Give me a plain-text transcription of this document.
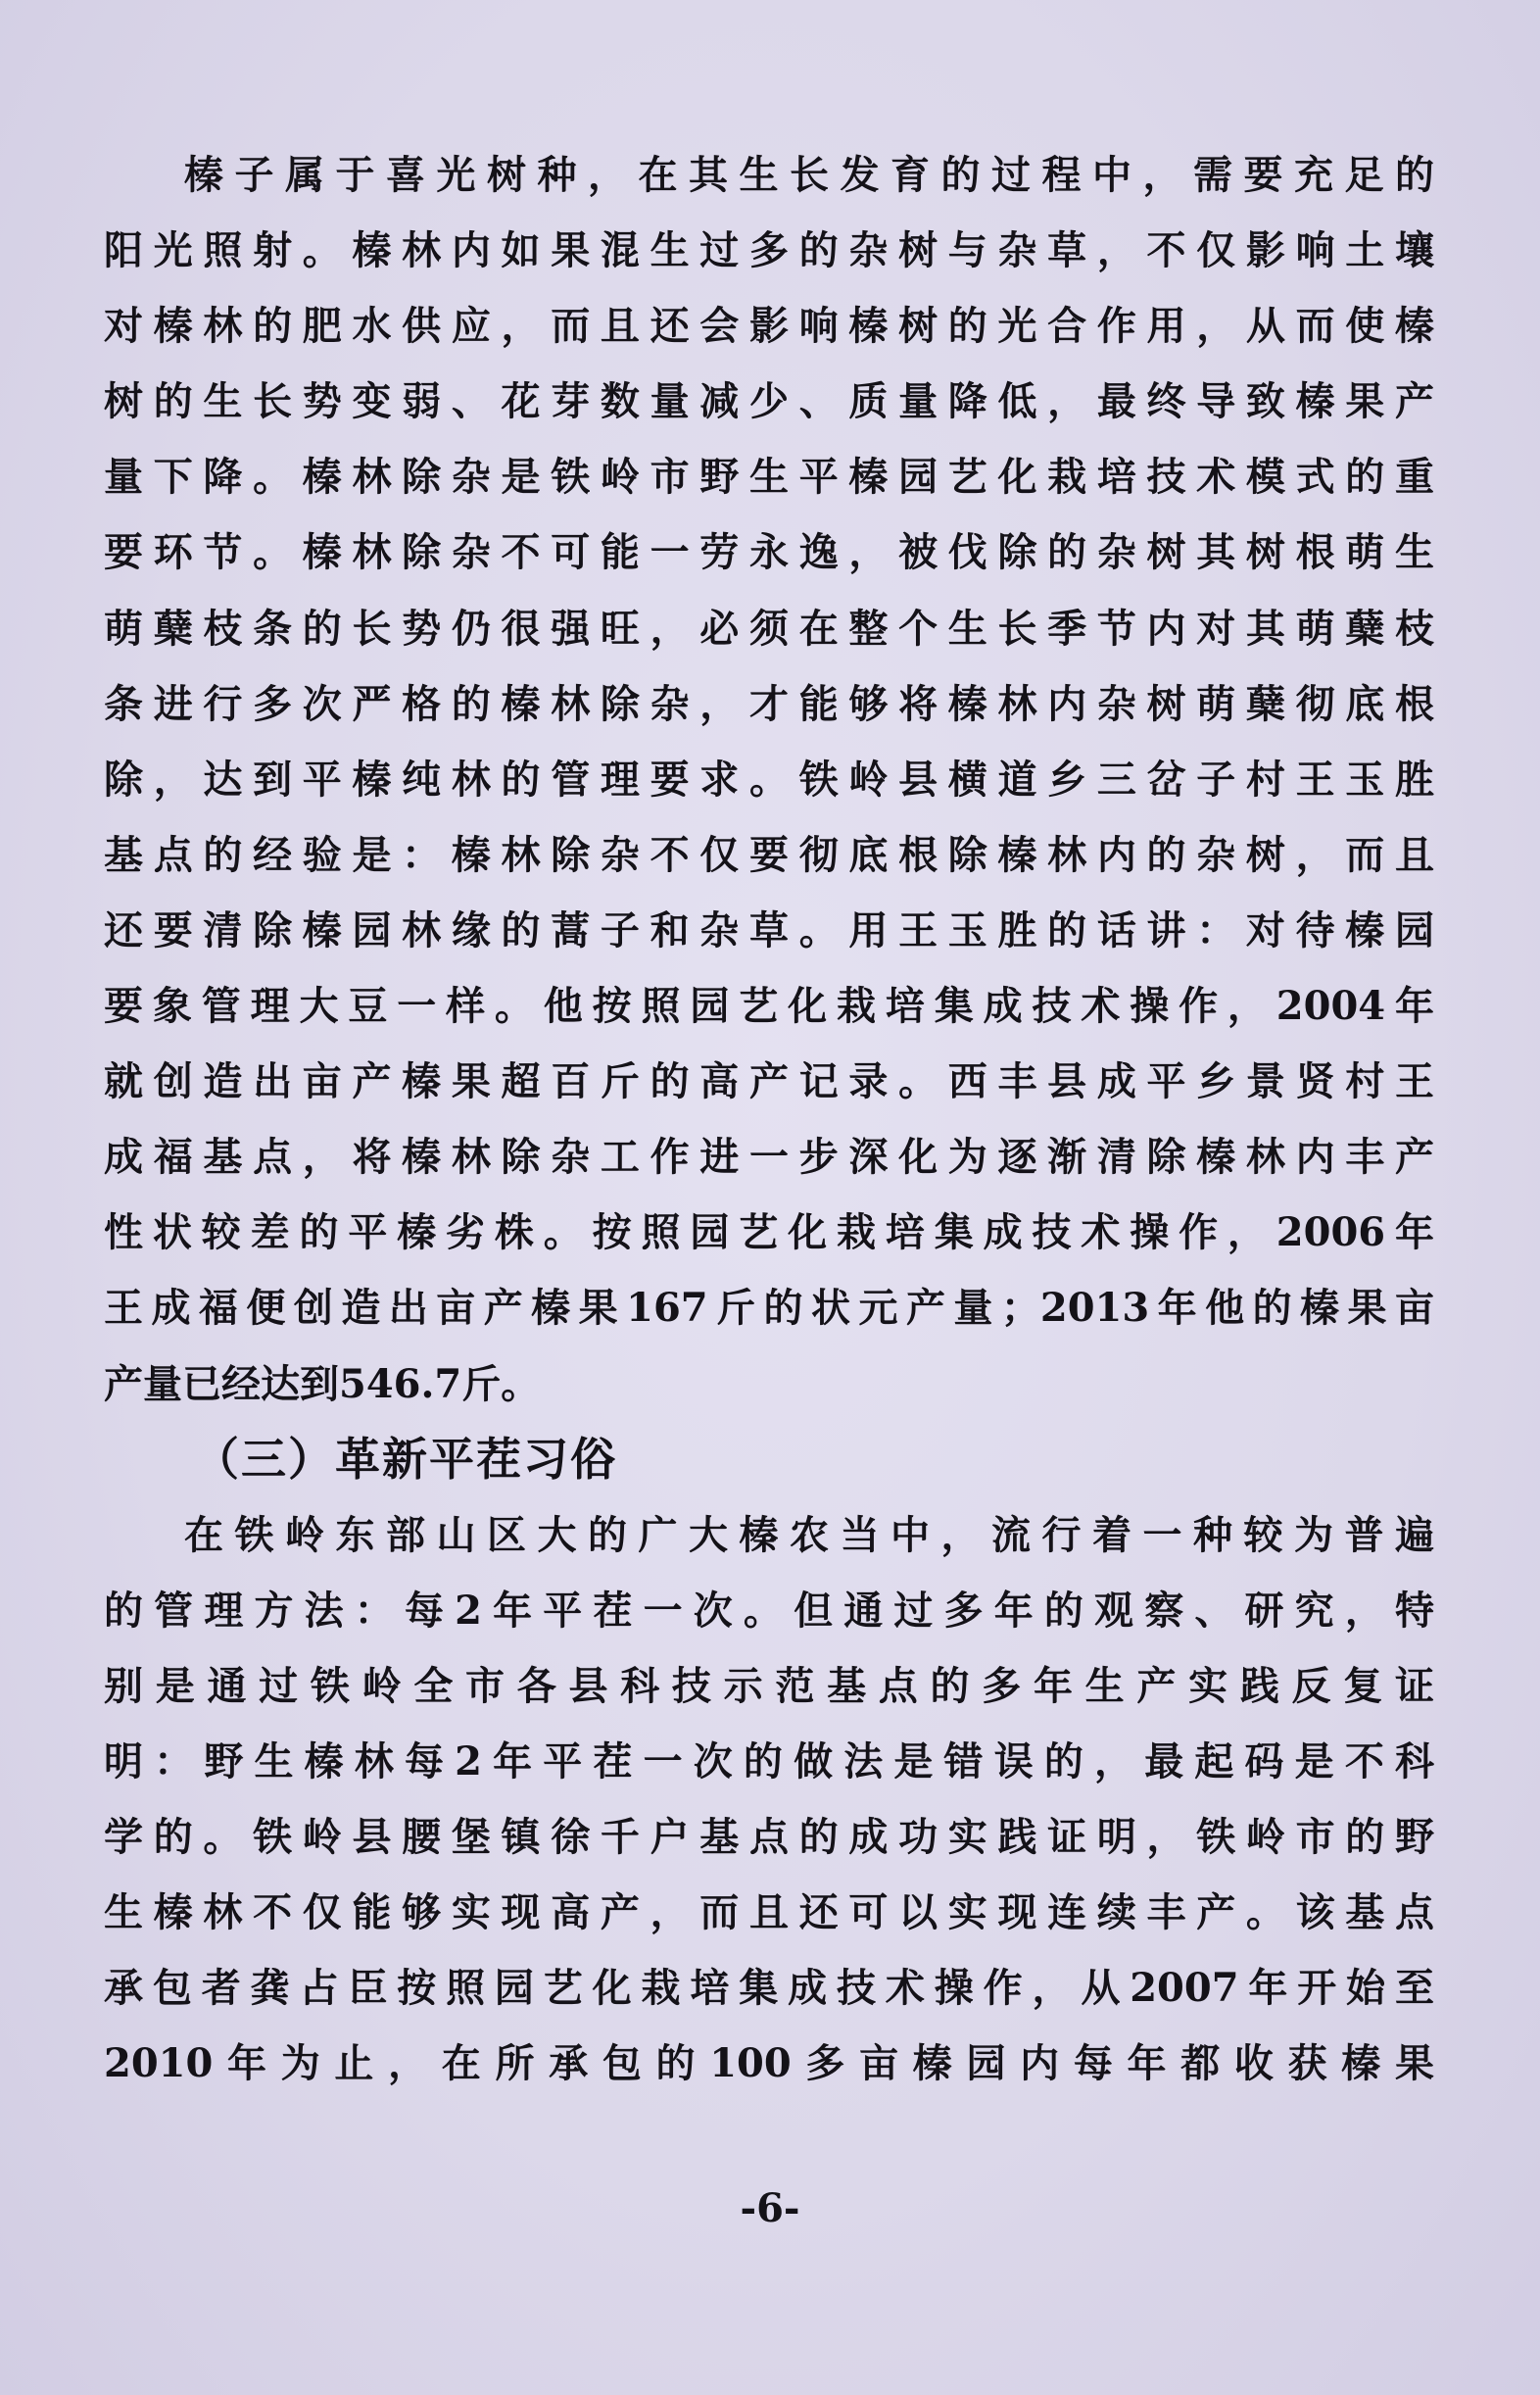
榛子属于喜光树种，在其生长发育的过程中，需要充足的
阳光照射。榛林内如果混生过多的杂树与杂草，不仅影响土壤
对榛林的肥水供应，而且还会影响榛树的光合作用，从而使榛
树的生长势变弱、花芽数量减少、质量降低，最终导致榛果产
量下降。榛林除杂是铁岭市野生平榛园艺化栽培技术模式的重
要环节。榛林除杂不可能一劳永逸，被伐除的杂树其树根萌生
萌蘖枝条的长势仍很强旺，必须在整个生长季节内对其萌蘖枝
条进行多次严格的榛林除杂，才能够将榛林内杂树萌蘖彻底根
除，达到平榛纯林的管理要求。铁岭县横道乡三岔子村王玉胜
基点的经验是：榛林除杂不仅要彻底根除榛林内的杂树，而且
还要清除榛园林缘的蒿子和杂草。用王玉胜的话讲：对待榛园
要象管理大豆一样。他按照园艺化栽培集成技术操作，2004年
就创造出亩产榛果超百斤的高产记录。西丰县成平乡景贤村王
成福基点，将榛林除杂工作进一步深化为逐渐清除榛林内丰产
性状较差的平榛劣株。按照园艺化栽培集成技术操作，2006年
王成福便创造出亩产榛果167斤的状元产量；2013年他的榛果亩
产量已经达到546.7斤。
（三）革新平茬习俗
在铁岭东部山区大的广大榛农当中，流行着一种较为普遍
的管理方法：每2年平茬一次。但通过多年的观察、研究，特
别是通过铁岭全市各县科技示范基点的多年生产实践反复证
明：野生榛林每2年平茬一次的做法是错误的，最起码是不科
学的。铁岭县腰堡镇徐千户基点的成功实践证明，铁岭市的野
生榛林不仅能够实现高产，而且还可以实现连续丰产。该基点
承包者龚占臣按照园艺化栽培集成技术操作，从2007年开始至
2010年为止，在所承包的100多亩榛园内每年都收获榛果
-6-
